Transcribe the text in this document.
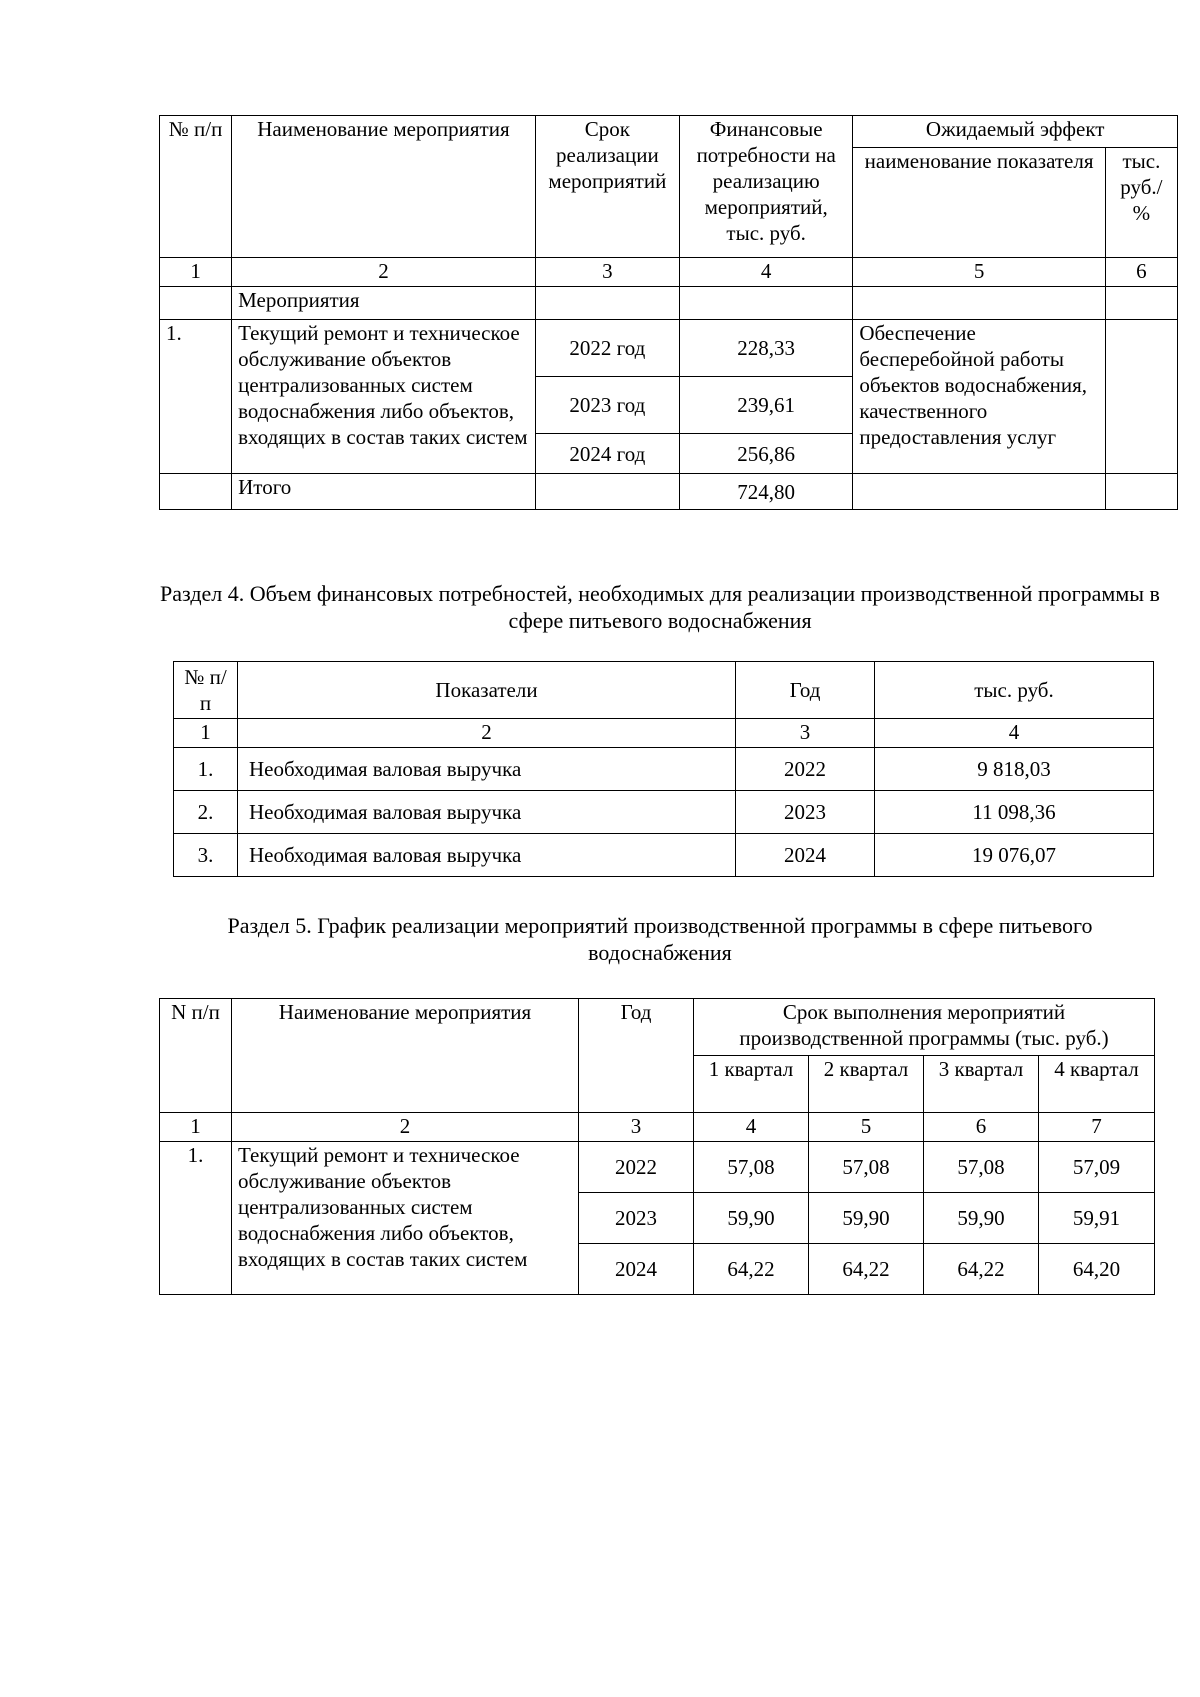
№ п/п	Наименование мероприятия	Срок реализации мероприятий	Финансовые потребности на реализацию мероприятий, тыс. руб.	Ожидаемый эффект	
				наименование показателя	тыс. руб./ %
1	2	3	4	5	6
	Мероприятия				
1.	Текущий ремонт и техническое обслуживание объектов централизованных систем водоснабжения либо объектов, входящих в состав таких систем	2022 год	228,33	Обеспечение бесперебойной работы объектов водоснабжения, качественного предоставления услуг	
		2023 год	239,61		
		2024 год	256,86		
	Итого		724,80		
Раздел 4. Объем финансовых потребностей, необходимых для реализации производственной программы в сфере питьевого водоснабжения
№ п/п	Показатели	Год	тыс. руб.
1	2	3	4
1.	Необходимая валовая выручка	2022	9 818,03
2.	Необходимая валовая выручка	2023	11 098,36
3.	Необходимая валовая выручка	2024	19 076,07
Раздел 5. График реализации мероприятий производственной программы в сфере питьевого водоснабжения
N п/п	Наименование мероприятия	Год	Срок выполнения мероприятий производственной программы (тыс. руб.)			
			1 квартал	2 квартал	3 квартал	4 квартал
1	2	3	4	5	6	7
1.	Текущий ремонт и техническое обслуживание объектов централизованных систем водоснабжения либо объектов, входящих в состав таких систем	2022	57,08	57,08	57,08	57,09
		2023	59,90	59,90	59,90	59,91
		2024	64,22	64,22	64,22	64,20
